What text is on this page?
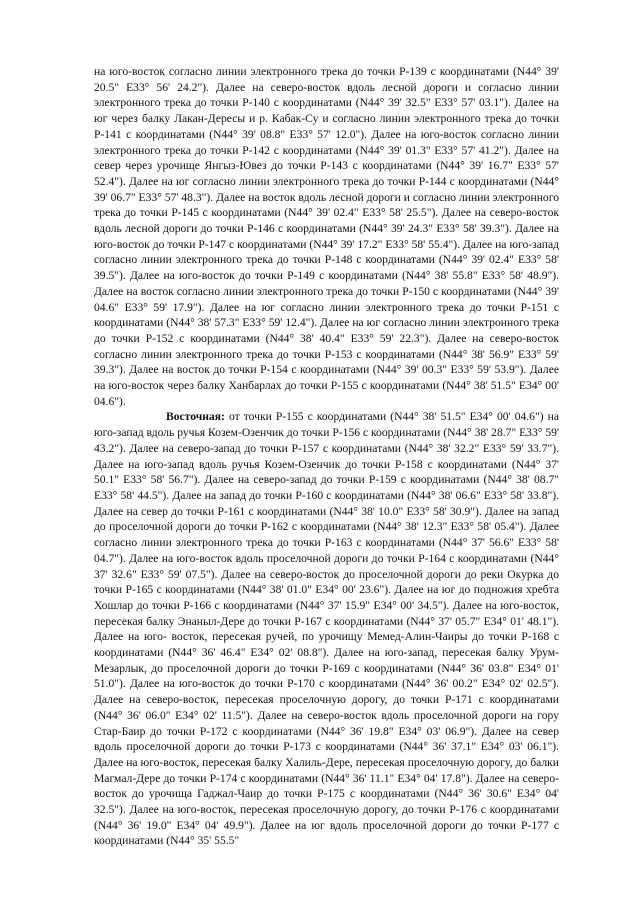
на юго-восток согласно линии электронного трека до точки Р-139 с координатами (N44° 39' 20.5" E33° 56' 24.2"). Далее на северо-восток вдоль лесной дороги и согласно линии электронного трека до точки Р-140 с координатами (N44° 39' 32.5" E33° 57' 03.1"). Далее на юг через балку Лакан-Дересы и р. Кабак-Су и согласно линии электронного трека до точки Р-141 с координатами (N44° 39' 08.8" E33° 57' 12.0"). Далее на юго-восток согласно линии электронного трека до точки Р-142 с координатами (N44° 39' 01.3" E33° 57' 41.2"). Далее на север через урочище Янгыз-Ювез до точки Р-143 с координатами (N44° 39' 16.7" E33° 57' 52.4"). Далее на юг согласно линии электронного трека до точки Р-144 с координатами (N44° 39' 06.7" E33° 57' 48.3"). Далее на восток вдоль лесной дороги и согласно линии электронного трека до точки Р-145 с координатами (N44° 39' 02.4" E33° 58' 25.5"). Далее на северо-восток вдоль лесной дороги до точки Р-146 с координатами (N44° 39' 24.3" E33° 58' 39.3"). Далее на юго-восток до точки Р-147 с координатами (N44° 39' 17.2" E33° 58' 55.4"). Далее на юго-запад согласно линии электронного трека до точки Р-148 с координатами (N44° 39' 02.4" E33° 58' 39.5"). Далее на юго-восток до точки Р-149 с координатами (N44° 38' 55.8" E33° 58' 48.9"). Далее на восток согласно линии электронного трека до точки Р-150 с координатами (N44° 39' 04.6" E33° 59' 17.9"). Далее на юг согласно линии электронного трека до точки Р-151 с координатами (N44° 38' 57.3" E33° 59' 12.4"). Далее на юг согласно линии электронного трека до точки Р-152 с координатами (N44° 38' 40.4" E33° 59' 22.3"). Далее на северо-восток согласно линии электронного трека до точки Р-153 с координатами (N44° 38' 56.9" E33° 59' 39.3"). Далее на восток до точки Р-154 с координатами (N44° 39' 00.3" E33° 59' 53.9"). Далее на юго-восток через балку Ханбарлах до точки Р-155 с координатами (N44° 38' 51.5" E34° 00' 04.6").

Восточная: от точки Р-155 с координатами (N44° 38' 51.5" E34° 00' 04.6") на юго-запад вдоль ручья Козем-Озенчик до точки Р-156 с координатами (N44° 38' 28.7" E33° 59' 43.2"). Далее на северо-запад до точки Р-157 с координатами (N44° 38' 32.2" E33° 59' 33.7"). Далее на юго-запад вдоль ручья Козем-Озенчик до точки Р-158 с координатами (N44° 37' 50.1" E33° 58' 56.7"). Далее на северо-запад до точки Р-159 с координатами (N44° 38' 08.7" E33° 58' 44.5"). Далее на запад до точки Р-160 с координатами (N44° 38' 06.6" E33° 58' 33.8"). Далее на север до точки Р-161 с координатами (N44° 38' 10.0" E33° 58' 30.9"). Далее на запад до проселочной дороги до точки Р-162 с координатами (N44° 38' 12.3" E33° 58' 05.4"). Далее согласно линии электронного трека до точки Р-163 с координатами (N44° 37' 56.6" E33° 58' 04.7"). Далее на юго-восток вдоль проселочной дороги до точки Р-164 с координатами (N44° 37' 32.6" E33° 59' 07.5"). Далее на северо-восток до проселочной дороги до реки Окурка до точки Р-165 с координатами (N44° 38' 01.0" E34° 00' 23.6"). Далее на юг до подножия хребта Хошлар до точки Р-166 с координатами (N44° 37' 15.9" E34° 00' 34.5"). Далее на юго-восток, пересекая балку Энаныл-Дере до точки Р-167 с координатами (N44° 37' 05.7" E34° 01' 48.1"). Далее на юго- восток, пересекая ручей, по урочищу Мемед-Алин-Чаиры до точки Р-168 с координатами (N44° 36' 46.4" E34° 02' 08.8"). Далее на юго-запад, пересекая балку Урум-Мезарлык, до проселочной дороги до точки Р-169 с координатами (N44° 36' 03.8" E34° 01' 51.0"). Далее на юго-восток до точки Р-170 с координатами (N44° 36' 00.2" E34° 02' 02.5"). Далее на северо-восток, пересекая проселочную дорогу, до точки Р-171 с координатами (N44° 36' 06.0" E34° 02' 11.5"). Далее на северо-восток вдоль проселочной дороги на гору Стар-Баир до точки Р-172 с координатами (N44° 36' 19.8" E34° 03' 06.9"). Далее на север вдоль проселочной дороги до точки Р-173 с координатами (N44° 36' 37.1" E34° 03' 06.1"). Далее на юго-восток, пересекая балку Халиль-Дере, пересекая проселочную дорогу, до балки Магмал-Дере до точки Р-174 с координатами (N44° 36' 11.1" E34° 04' 17.8"). Далее на северо-восток до урочища Гаджал-Чаир до точки Р-175 с координатами (N44° 36' 30.6" E34° 04' 32.5"). Далее на юго-восток, пересекая проселочную дорогу, до точки Р-176 с координатами (N44° 36' 19.0" E34° 04' 49.9"). Далее на юг вдоль проселочной дороги до точки Р-177 с координатами (N44° 35' 55.5"
